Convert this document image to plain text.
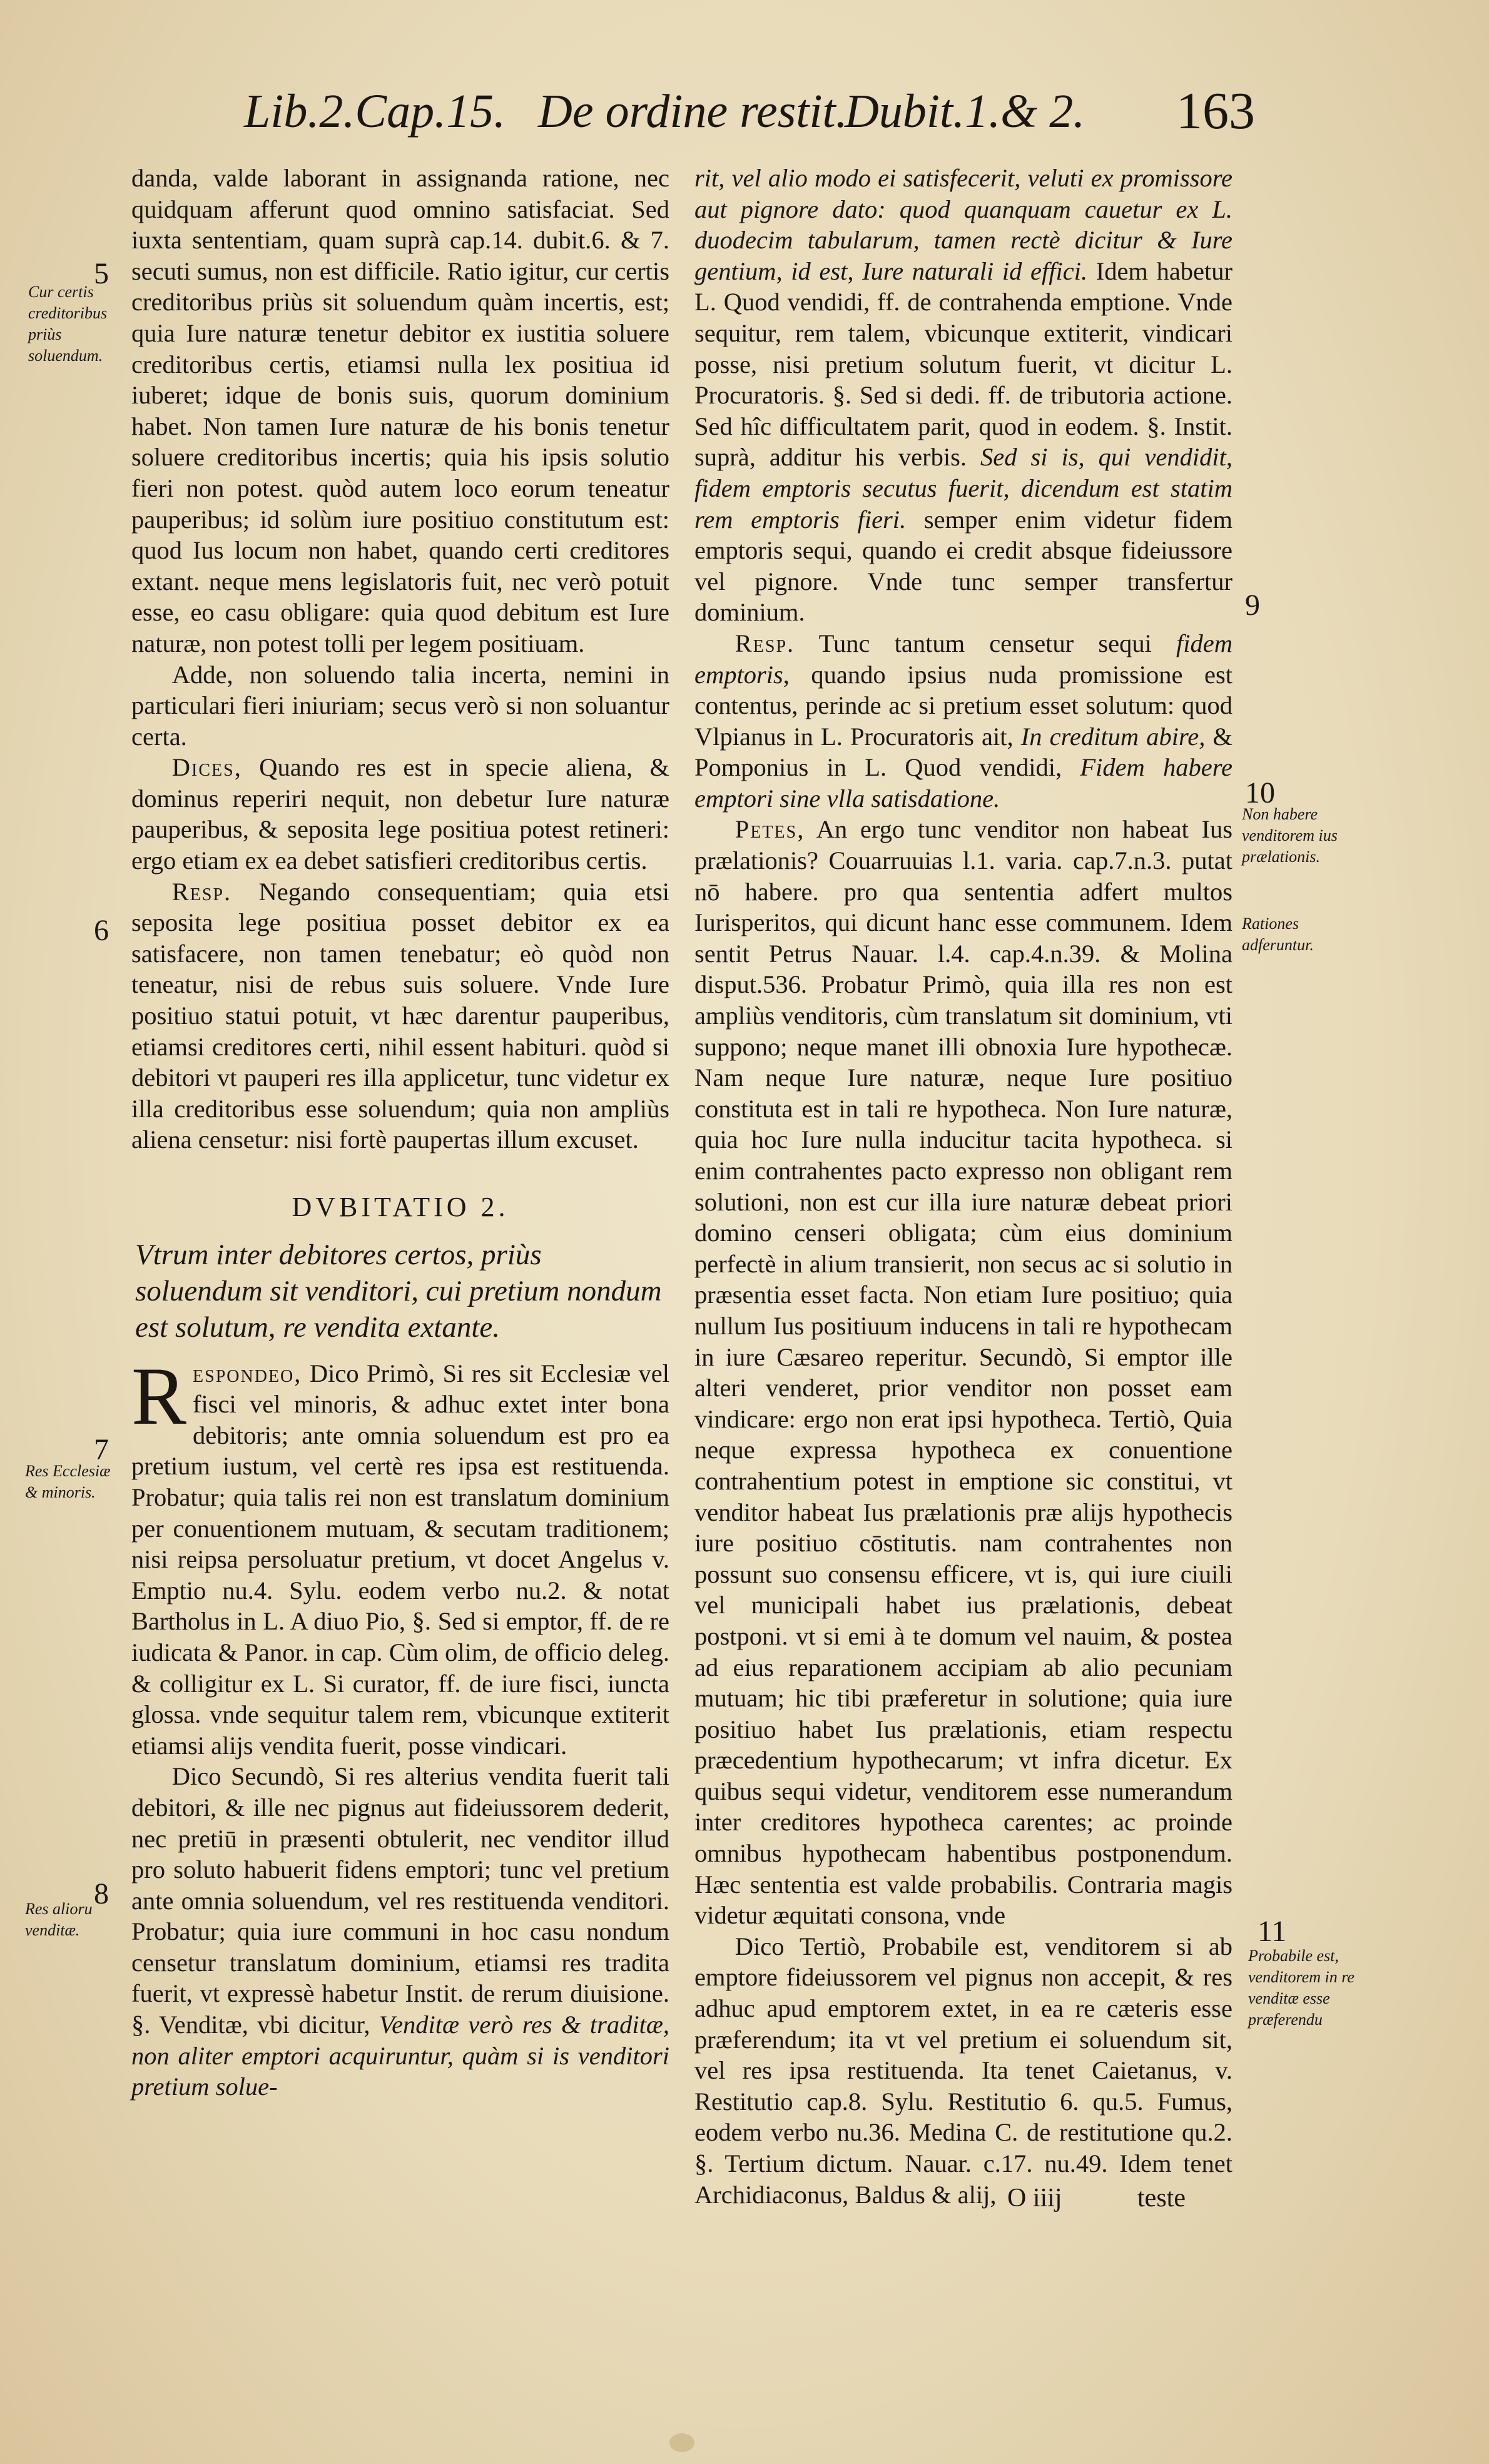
Lib.2.Cap.15. De ordine restit.
Dubit.1.& 2. 163
5
6
7
8
9
10
11
Cur certis creditoribus priùs soluendum.
Res Ecclesiæ & minoris.
Res alioru venditæ.
Non habere venditorem ius prælationis.
Rationes adferuntur.
Probabile est, venditorem in re venditæ esse præferendu

danda, valde laborant in assignanda ratione, nec quidquam afferunt quod omnino satisfaciat. Sed iuxta sententiam, quam suprà cap.14. dubit.6. & 7. secuti sumus, non est difficile. Ratio igitur, cur certis creditoribus priùs sit soluendum quàm incertis, est; quia Iure naturæ tenetur debitor ex iustitia soluere creditoribus certis, etiamsi nulla lex positiua id iuberet; idque de bonis suis, quorum dominium habet. Non tamen Iure naturæ de his bonis tenetur soluere creditoribus incertis; quia his ipsis solutio fieri non potest. quòd autem loco eorum teneatur pauperibus; id solùm iure positiuo constitutum est: quod Ius locum non habet, quando certi creditores extant. neque mens legislatoris fuit, nec verò potuit esse, eo casu obligare: quia quod debitum est Iure naturæ, non potest tolli per legem positiuam.

Adde, non soluendo talia incerta, nemini in particulari fieri iniuriam; secus verò si non soluantur certa.

Dices, Quando res est in specie aliena, & dominus reperiri nequit, non debetur Iure naturæ pauperibus, & seposita lege positiua potest retineri: ergo etiam ex ea debet satisfieri creditoribus certis.

Resp. Negando consequentiam; quia etsi seposita lege positiua posset debitor ex ea satisfacere, non tamen tenebatur; eò quòd non teneatur, nisi de rebus suis soluere. Vnde Iure positiuo statui potuit, vt hæc darentur pauperibus, etiamsi creditores certi, nihil essent habituri. quòd si debitori vt pauperi res illa applicetur, tunc videtur ex illa creditoribus esse soluendum; quia non ampliùs aliena censetur: nisi fortè paupertas illum excuset.

DVBITATIO 2.
Vtrum inter debitores certos, priùs soluendum sit venditori, cui pretium nondum est solutum, re vendita extante.

Respondeo, Dico Primò, Si res sit Ecclesiæ vel fisci vel minoris, & adhuc extet inter bona debitoris; ante omnia soluendum est pro ea pretium iustum, vel certè res ipsa est restituenda. Probatur; quia talis rei non est translatum dominium per conuentionem mutuam, & secutam traditionem; nisi reipsa persoluatur pretium, vt docet Angelus v. Emptio nu.4. Sylu. eodem verbo nu.2. & notat Bartholus in L. A diuo Pio, §. Sed si emptor, ff. de re iudicata & Panor. in cap. Cùm olim, de officio deleg. & colligitur ex L. Si curator, ff. de iure fisci, iuncta glossa. vnde sequitur talem rem, vbicunque extiterit etiamsi alijs vendita fuerit, posse vindicari.

Dico Secundò, Si res alterius vendita fuerit tali debitori, & ille nec pignus aut fideiussorem dederit, nec pretiū in præsenti obtulerit, nec venditor illud pro soluto habuerit fidens emptori; tunc vel pretium ante omnia soluendum, vel res restituenda venditori. Probatur; quia iure communi in hoc casu nondum censetur translatum dominium, etiamsi res tradita fuerit, vt expressè habetur Instit. de rerum diuisione. §. Venditæ, vbi dicitur, Venditæ verò res & traditæ, non aliter emptori acquiruntur, quàm si is venditori pretium solue-

rit, vel alio modo ei satisfecerit, veluti ex promissore aut pignore dato: quod quanquam cauetur ex L. duodecim tabularum, tamen rectè dicitur & Iure gentium, id est, Iure naturali id effici. Idem habetur L. Quod vendidi, ff. de contrahenda emptione. Vnde sequitur, rem talem, vbicunque extiterit, vindicari posse, nisi pretium solutum fuerit, vt dicitur L. Procuratoris. §. Sed si dedi. ff. de tributoria actione. Sed hîc difficultatem parit, quod in eodem. §. Instit. suprà, additur his verbis. Sed si is, qui vendidit, fidem emptoris secutus fuerit, dicendum est statim rem emptoris fieri. semper enim videtur fidem emptoris sequi, quando ei credit absque fideiussore vel pignore. Vnde tunc semper transfertur dominium.

Resp. Tunc tantum censetur sequi fidem emptoris, quando ipsius nuda promissione est contentus, perinde ac si pretium esset solutum: quod Vlpianus in L. Procuratoris ait, In creditum abire, & Pomponius in L. Quod vendidi, Fidem habere emptori sine vlla satisdatione.

Petes, An ergo tunc venditor non habeat Ius prælationis? Couarruuias l.1. varia. cap.7.n.3. putat nō habere. pro qua sententia adfert multos Iurisperitos, qui dicunt hanc esse communem. Idem sentit Petrus Nauar. l.4. cap.4.n.39. & Molina disput.536. Probatur Primò, quia illa res non est ampliùs venditoris, cùm translatum sit dominium, vti suppono; neque manet illi obnoxia Iure hypothecæ. Nam neque Iure naturæ, neque Iure positiuo constituta est in tali re hypotheca. Non Iure naturæ, quia hoc Iure nulla inducitur tacita hypotheca. si enim contrahentes pacto expresso non obligant rem solutioni, non est cur illa iure naturæ debeat priori domino censeri obligata; cùm eius dominium perfectè in alium transierit, non secus ac si solutio in præsentia esset facta. Non etiam Iure positiuo; quia nullum Ius positiuum inducens in tali re hypothecam in iure Cæsareo reperitur. Secundò, Si emptor ille alteri venderet, prior venditor non posset eam vindicare: ergo non erat ipsi hypotheca. Tertiò, Quia neque expressa hypotheca ex conuentione contrahentium potest in emptione sic constitui, vt venditor habeat Ius prælationis præ alijs hypothecis iure positiuo cōstitutis. nam contrahentes non possunt suo consensu efficere, vt is, qui iure ciuili vel municipali habet ius prælationis, debeat postponi. vt si emi à te domum vel nauim, & postea ad eius reparationem accipiam ab alio pecuniam mutuam; hic tibi præferetur in solutione; quia iure positiuo habet Ius prælationis, etiam respectu præcedentium hypothecarum; vt infra dicetur. Ex quibus sequi videtur, venditorem esse numerandum inter creditores hypotheca carentes; ac proinde omnibus hypothecam habentibus postponendum. Hæc sententia est valde probabilis. Contraria magis videtur æquitati consona, vnde

Dico Tertiò, Probabile est, venditorem si ab emptore fideiussorem vel pignus non accepit, & res adhuc apud emptorem extet, in ea re cæteris esse præferendum; ita vt vel pretium ei soluendum sit, vel res ipsa restituenda. Ita tenet Caietanus, v. Restitutio cap.8. Sylu. Restitutio 6. qu.5. Fumus, eodem verbo nu.36. Medina C. de restitutione qu.2. §. Tertium dictum. Nauar. c.17. nu.49. Idem tenet Archidiaconus, Baldus & alij, O iiij	teste
